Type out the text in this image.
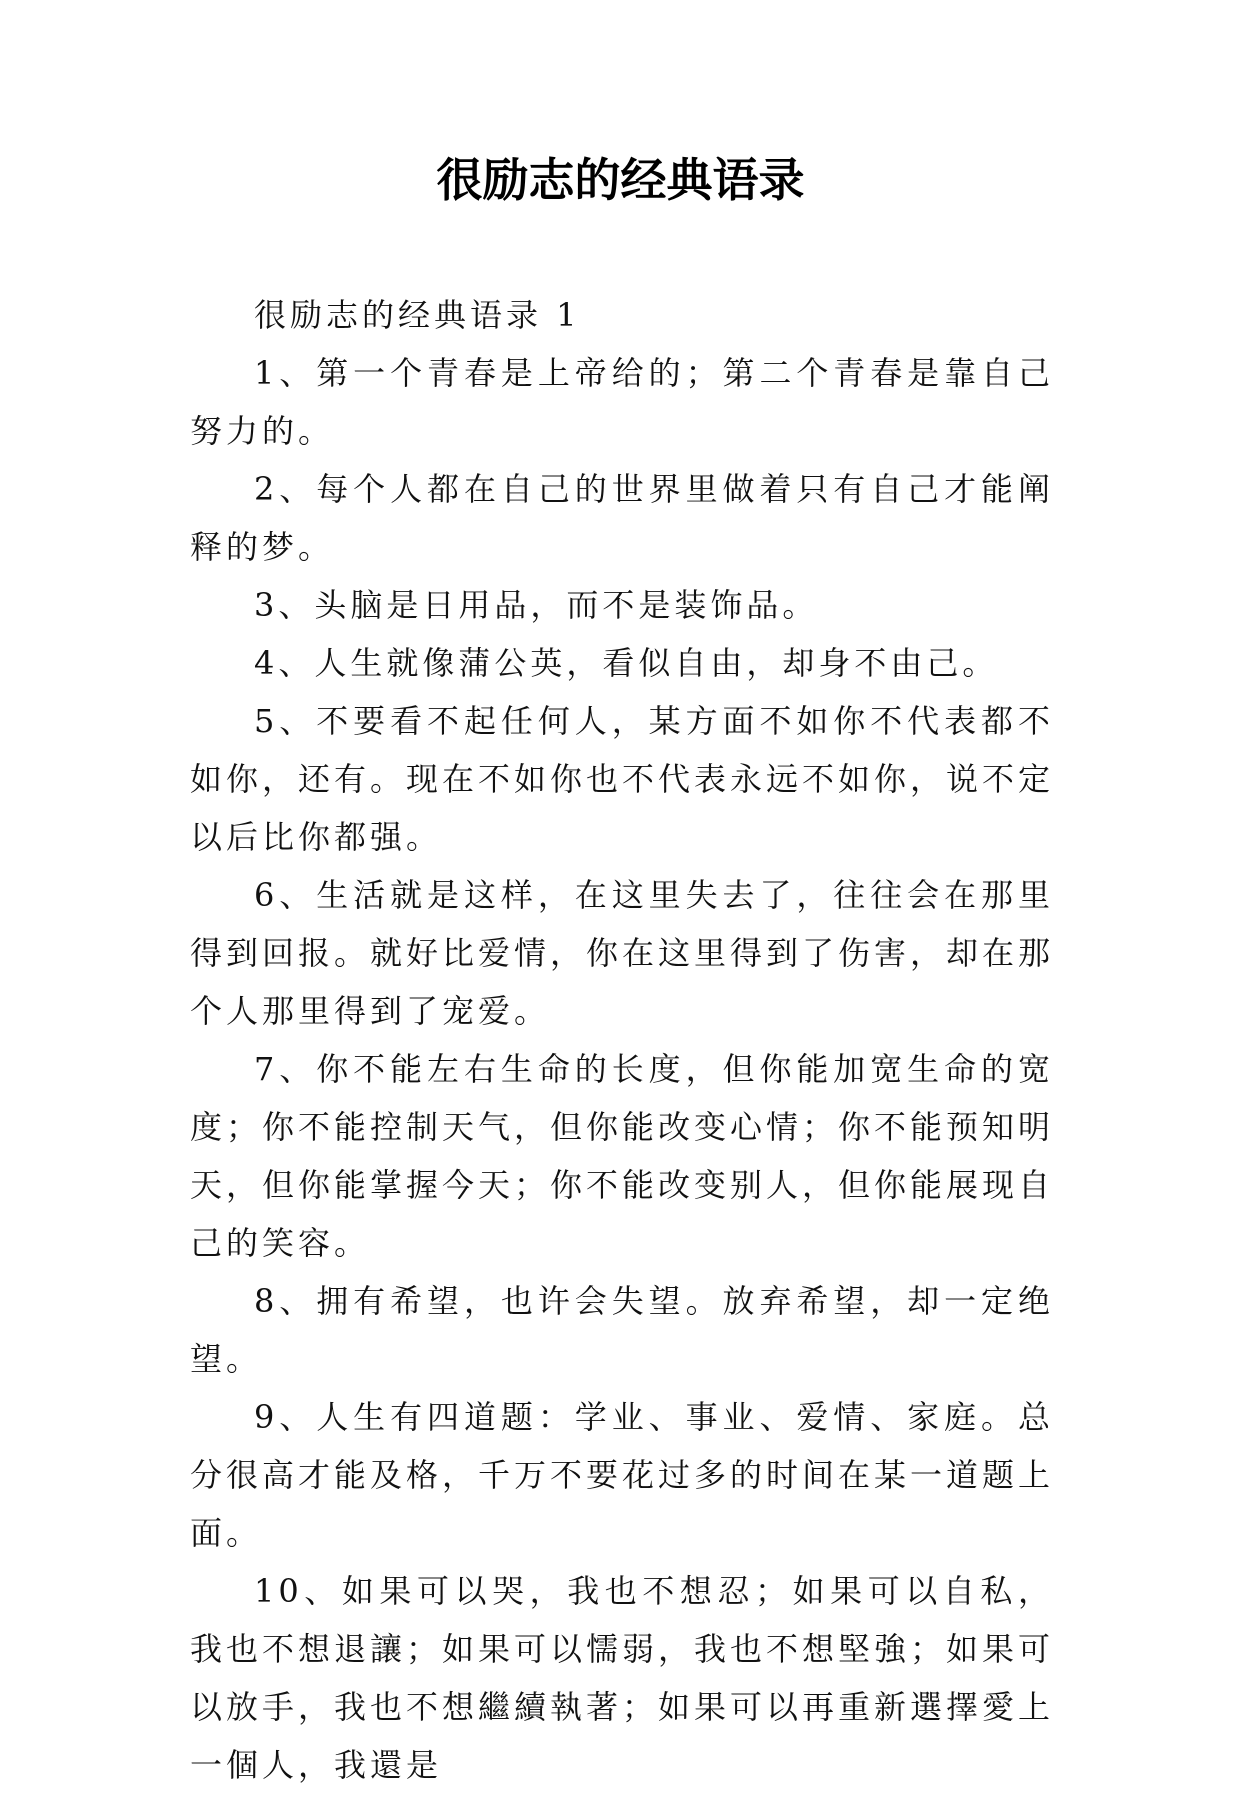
很励志的经典语录

很励志的经典语录 1

1、第一个青春是上帝给的；第二个青春是靠自己努力的。

2、每个人都在自己的世界里做着只有自己才能阐释的梦。

3、头脑是日用品，而不是装饰品。

4、人生就像蒲公英，看似自由，却身不由己。

5、不要看不起任何人，某方面不如你不代表都不如你，还有。现在不如你也不代表永远不如你，说不定以后比你都强。

6、生活就是这样，在这里失去了，往往会在那里得到回报。就好比爱情，你在这里得到了伤害，却在那个人那里得到了宠爱。

7、你不能左右生命的长度，但你能加宽生命的宽度；你不能控制天气，但你能改变心情；你不能预知明天，但你能掌握今天；你不能改变别人，但你能展现自己的笑容。

8、拥有希望，也许会失望。放弃希望，却一定绝望。

9、人生有四道题：学业、事业、爱情、家庭。总分很高才能及格，千万不要花过多的时间在某一道题上面。

10、如果可以哭，我也不想忍；如果可以自私，我也不想退讓；如果可以懦弱，我也不想堅強；如果可以放手，我也不想繼續執著；如果可以再重新選擇愛上一個人，我還是
